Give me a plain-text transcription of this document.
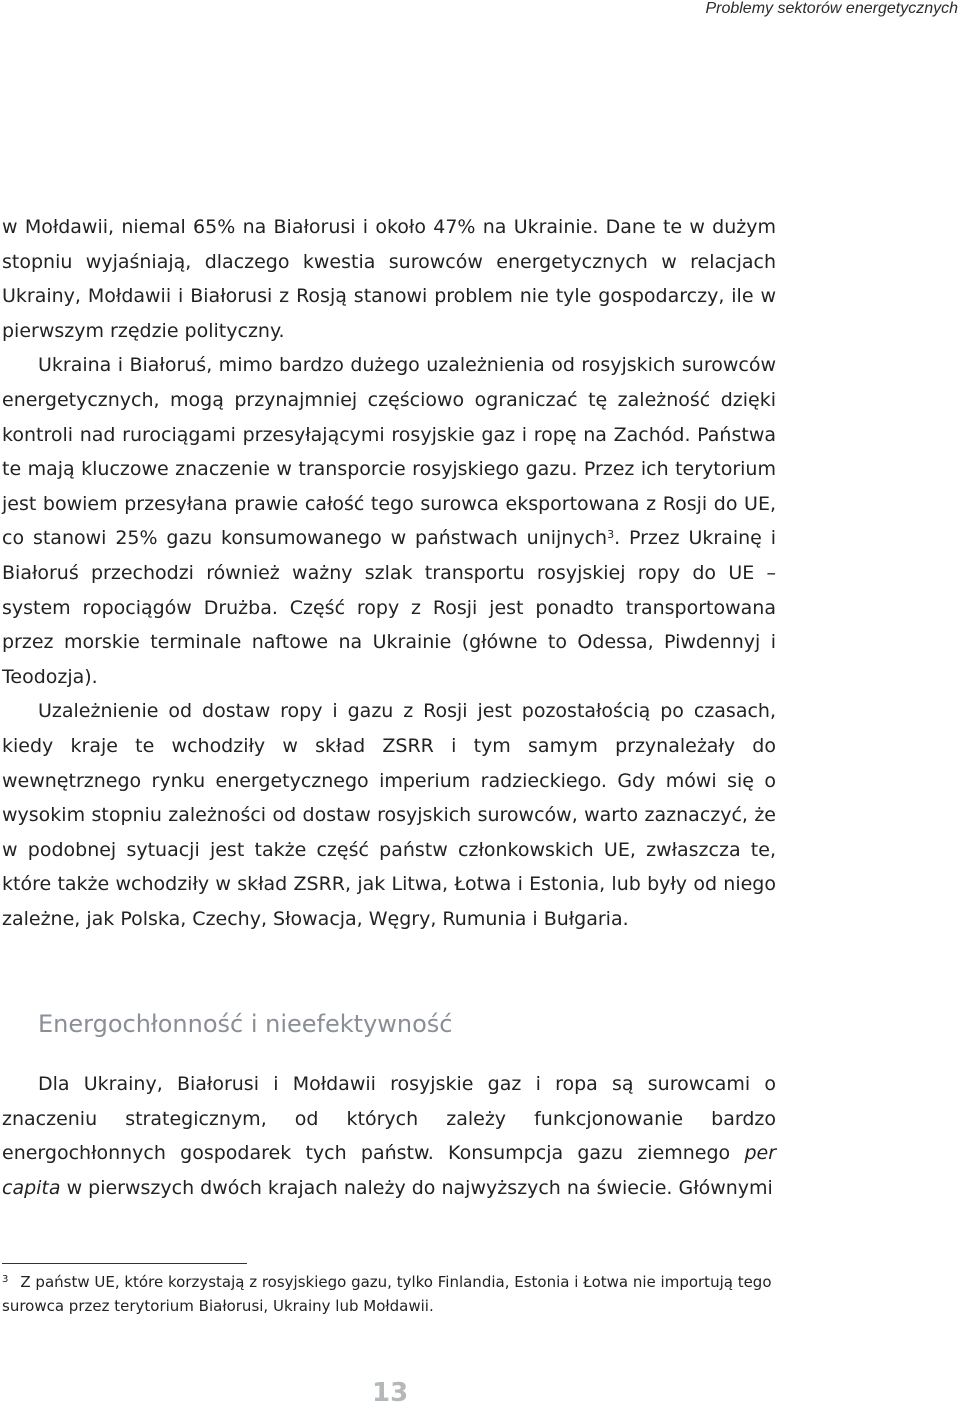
Problemy sektorów energetycznych

w Mołdawii, niemal 65% na Białorusi i około 47% na Ukrainie. Dane te w dużym stopniu wyjaśniają, dlaczego kwestia surowców energetycznych w relacjach Ukrainy, Mołdawii i Białorusi z Rosją stanowi problem nie tyle gospodarczy, ile w pierwszym rzędzie polityczny.

Ukraina i Białoruś, mimo bardzo dużego uzależnienia od rosyjskich surowców energetycznych, mogą przynajmniej częściowo ograniczać tę zależność dzięki kontroli nad rurociągami przesyłającymi rosyjskie gaz i ropę na Zachód. Państwa te mają kluczowe znaczenie w transporcie rosyjskiego gazu. Przez ich terytorium jest bowiem przesyłana prawie całość tego surowca eksportowana z Rosji do UE, co stanowi 25% gazu konsumowanego w państwach unijnych$^3$. Przez Ukrainę i Białoruś przechodzi również ważny szlak transportu rosyjskiej ropy do UE – system ropociągów Drużba. Część ropy z Rosji jest ponadto transportowana przez morskie terminale naftowe na Ukrainie (główne to Odessa, Piwdennyj i Teodozja).

Uzależnienie od dostaw ropy i gazu z Rosji jest pozostałością po czasach, kiedy kraje te wchodziły w skład ZSRR i tym samym przynależały do wewnętrznego rynku energetycznego imperium radzieckiego. Gdy mówi się o wysokim stopniu zależności od dostaw rosyjskich surowców, warto zaznaczyć, że w podobnej sytuacji jest także część państw członkowskich UE, zwłaszcza te, które także wchodziły w skład ZSRR, jak Litwa, Łotwa i Estonia, lub były od niego zależne, jak Polska, Czechy, Słowacja, Węgry, Rumunia i Bułgaria.

Energochłonność i nieefektywność

Dla Ukrainy, Białorusi i Mołdawii rosyjskie gaz i ropa są surowcami o znaczeniu strategicznym, od których zależy funkcjonowanie bardzo energochłonnych gospodarek tych państw. Konsumpcja gazu ziemnego per capita w pierwszych dwóch krajach należy do najwyższych na świecie. Głównymi

$^3$ Z państw UE, które korzystają z rosyjskiego gazu, tylko Finlandia, Estonia i Łotwa nie importują tego surowca przez terytorium Białorusi, Ukrainy lub Mołdawii.

13
